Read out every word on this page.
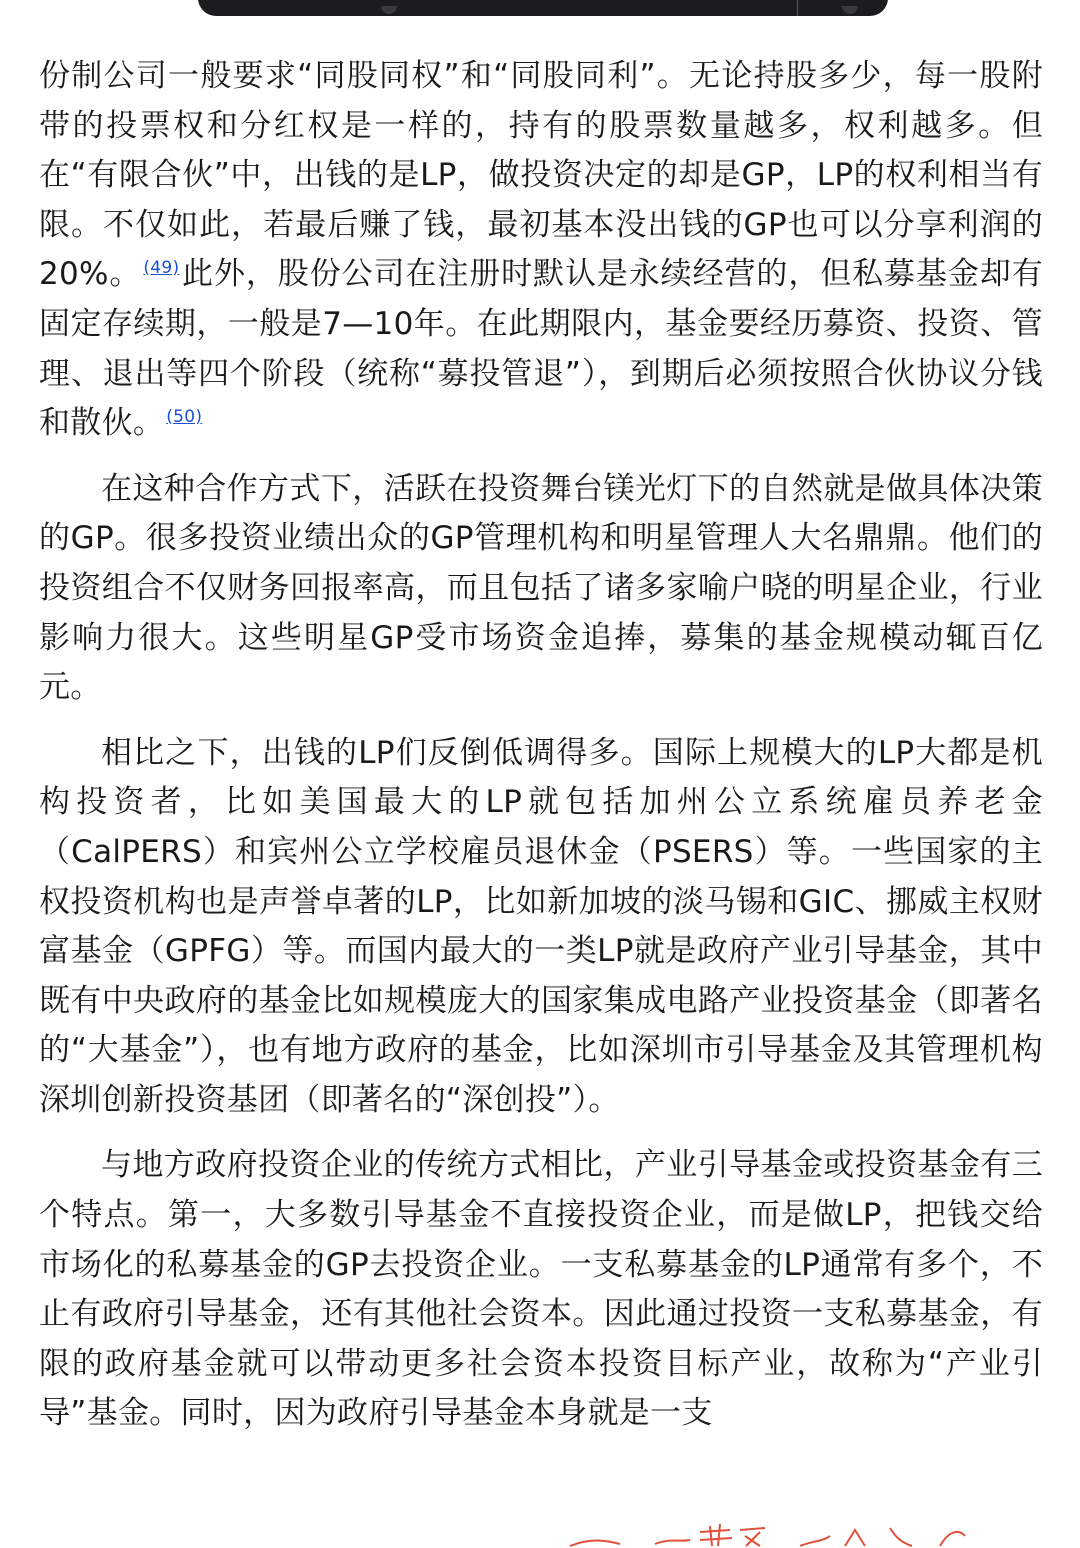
份制公司一般要求“同股同权”和“同股同利”。无论持股多少，每一股附带的投票权和分红权是一样的，持有的股票数量越多，权利越多。但在“有限合伙”中，出钱的是LP，做投资决定的却是GP，LP的权利相当有限。不仅如此，若最后赚了钱，最初基本没出钱的GP也可以分享利润的20%。 $^{(49)}$此外，股份公司在注册时默认是永续经营的，但私募基金却有固定存续期，一般是7—10年。在此期限内，基金要经历募资、投资、管理、退出等四个阶段（统称“募投管退”），到期后必须按照合伙协议分钱和散伙。 $^{(50)}$

在这种合作方式下，活跃在投资舞台镁光灯下的自然就是做具体决策的GP。很多投资业绩出众的GP管理机构和明星管理人大名鼎鼎。他们的投资组合不仅财务回报率高，而且包括了诸多家喻户晓的明星企业，行业影响力很大。这些明星GP受市场资金追捧，募集的基金规模动辄百亿元。

相比之下，出钱的LP们反倒低调得多。国际上规模大的LP大都是机构投资者，比如美国最大的LP就包括加州公立系统雇员养老金（CalPERS）和宾州公立学校雇员退休金（PSERS）等。一些国家的主权投资机构也是声誉卓著的LP，比如新加坡的淡马锡和GIC、挪威主权财富基金（GPFG）等。而国内最大的一类LP就是政府产业引导基金，其中既有中央政府的基金比如规模庞大的国家集成电路产业投资基金（即著名的“大基金”），也有地方政府的基金，比如深圳市引导基金及其管理机构深圳创新投资基团（即著名的“深创投”）。

与地方政府投资企业的传统方式相比，产业引导基金或投资基金有三个特点。第一，大多数引导基金不直接投资企业，而是做LP，把钱交给市场化的私募基金的GP去投资企业。一支私募基金的LP通常有多个，不止有政府引导基金，还有其他社会资本。因此通过投资一支私募基金，有限的政府基金就可以带动更多社会资本投资目标产业，故称为“产业引导”基金。同时，因为政府引导基金本身就是一支
